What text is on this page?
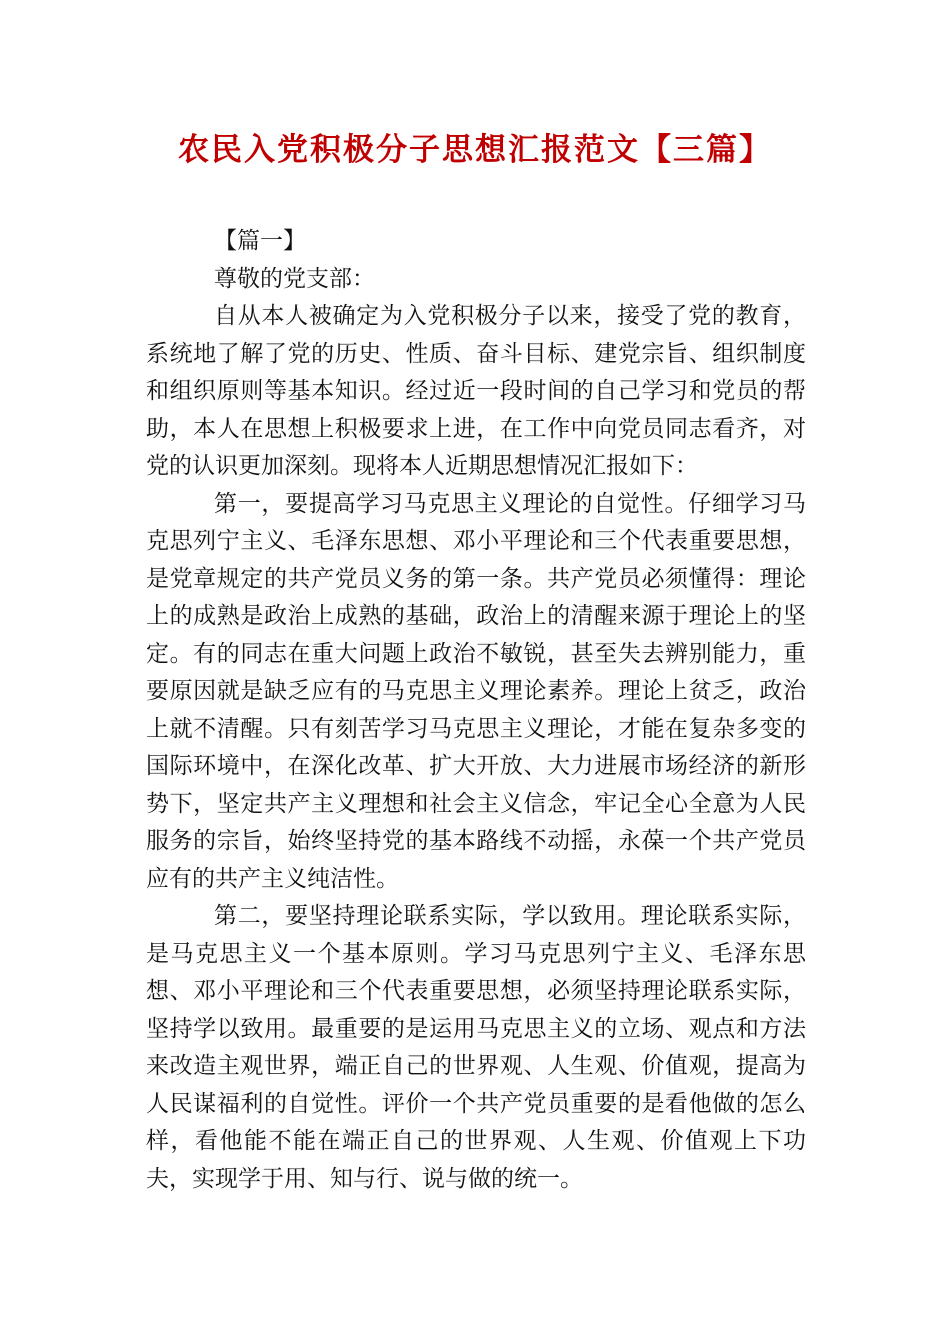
农民入党积极分子思想汇报范文【三篇】

【篇一】

尊敬的党支部：

自从本人被确定为入党积极分子以来，接受了党的教育，系统地了解了党的历史、性质、奋斗目标、建党宗旨、组织制度和组织原则等基本知识。经过近一段时间的自己学习和党员的帮助，本人在思想上积极要求上进，在工作中向党员同志看齐，对党的认识更加深刻。现将本人近期思想情况汇报如下：

第一，要提高学习马克思主义理论的自觉性。仔细学习马克思列宁主义、毛泽东思想、邓小平理论和三个代表重要思想，是党章规定的共产党员义务的第一条。共产党员必须懂得：理论上的成熟是政治上成熟的基础，政治上的清醒来源于理论上的坚定。有的同志在重大问题上政治不敏锐，甚至失去辨别能力，重要原因就是缺乏应有的马克思主义理论素养。理论上贫乏，政治上就不清醒。只有刻苦学习马克思主义理论，才能在复杂多变的国际环境中，在深化改革、扩大开放、大力进展市场经济的新形势下，坚定共产主义理想和社会主义信念，牢记全心全意为人民服务的宗旨，始终坚持党的基本路线不动摇，永葆一个共产党员应有的共产主义纯洁性。

第二，要坚持理论联系实际，学以致用。理论联系实际，是马克思主义一个基本原则。学习马克思列宁主义、毛泽东思想、邓小平理论和三个代表重要思想，必须坚持理论联系实际，坚持学以致用。最重要的是运用马克思主义的立场、观点和方法来改造主观世界，端正自己的世界观、人生观、价值观，提高为人民谋福利的自觉性。评价一个共产党员重要的是看他做的怎么样，看他能不能在端正自己的世界观、人生观、价值观上下功夫，实现学于用、知与行、说与做的统一。
